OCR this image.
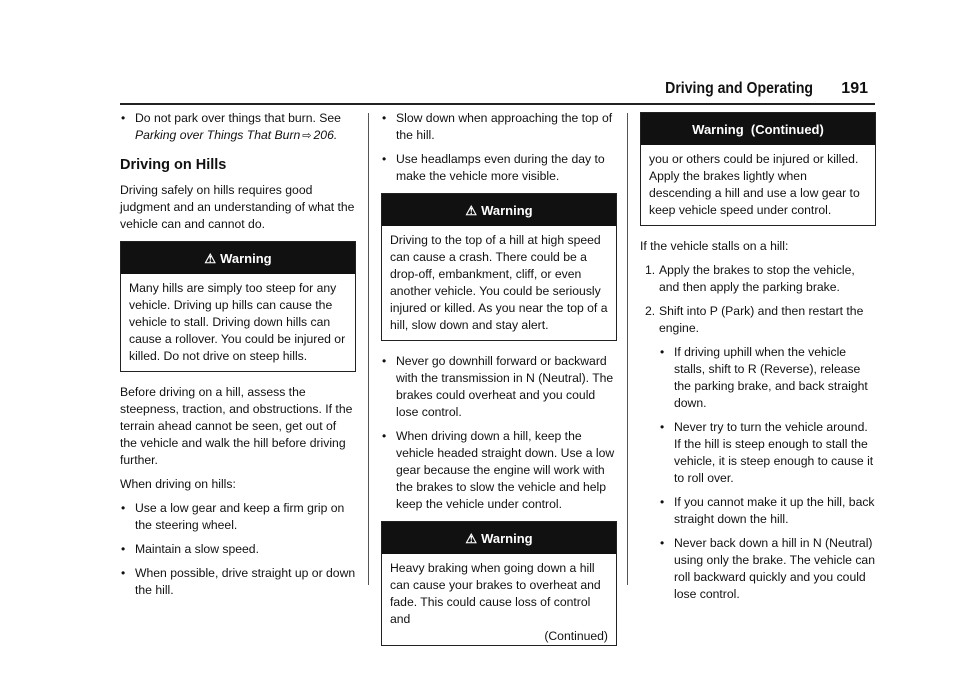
Driving and Operating 191
• Do not park over things that burn. See Parking over Things That Burn ⇨ 206.
Driving on Hills

Driving safely on hills requires good judgment and an understanding of what the vehicle can and cannot do.

⚠ Warning
Many hills are simply too steep for any vehicle. Driving up hills can cause the vehicle to stall. Driving down hills can cause a rollover. You could be injured or killed. Do not drive on steep hills.

Before driving on a hill, assess the steepness, traction, and obstructions. If the terrain ahead cannot be seen, get out of the vehicle and walk the hill before driving further.

When driving on hills:

• Use a low gear and keep a firm grip on the steering wheel.
• Maintain a slow speed.
• When possible, drive straight up or down the hill.
• Slow down when approaching the top of the hill.
• Use headlamps even during the day to make the vehicle more visible.
⚠ Warning
Driving to the top of a hill at high speed can cause a crash. There could be a drop-off, embankment, cliff, or even another vehicle. You could be seriously injured or killed. As you near the top of a hill, slow down and stay alert.
• Never go downhill forward or backward with the transmission in N (Neutral). The brakes could overheat and you could lose control.
• When driving down a hill, keep the vehicle headed straight down. Use a low gear because the engine will work with the brakes to slow the vehicle and help keep the vehicle under control.
⚠ Warning
Heavy braking when going down a hill can cause your brakes to overheat and fade. This could cause loss of control and
(Continued)
Warning  (Continued)
you or others could be injured or killed. Apply the brakes lightly when descending a hill and use a low gear to keep vehicle speed under control.

If the vehicle stalls on a hill:

1. Apply the brakes to stop the vehicle, and then apply the parking brake.
2. Shift into P (Park) and then restart the engine.
• If driving uphill when the vehicle stalls, shift to R (Reverse), release the parking brake, and back straight down.
• Never try to turn the vehicle around. If the hill is steep enough to stall the vehicle, it is steep enough to cause it to roll over.
• If you cannot make it up the hill, back straight down the hill.
• Never back down a hill in N (Neutral) using only the brake. The vehicle can roll backward quickly and you could lose control.
